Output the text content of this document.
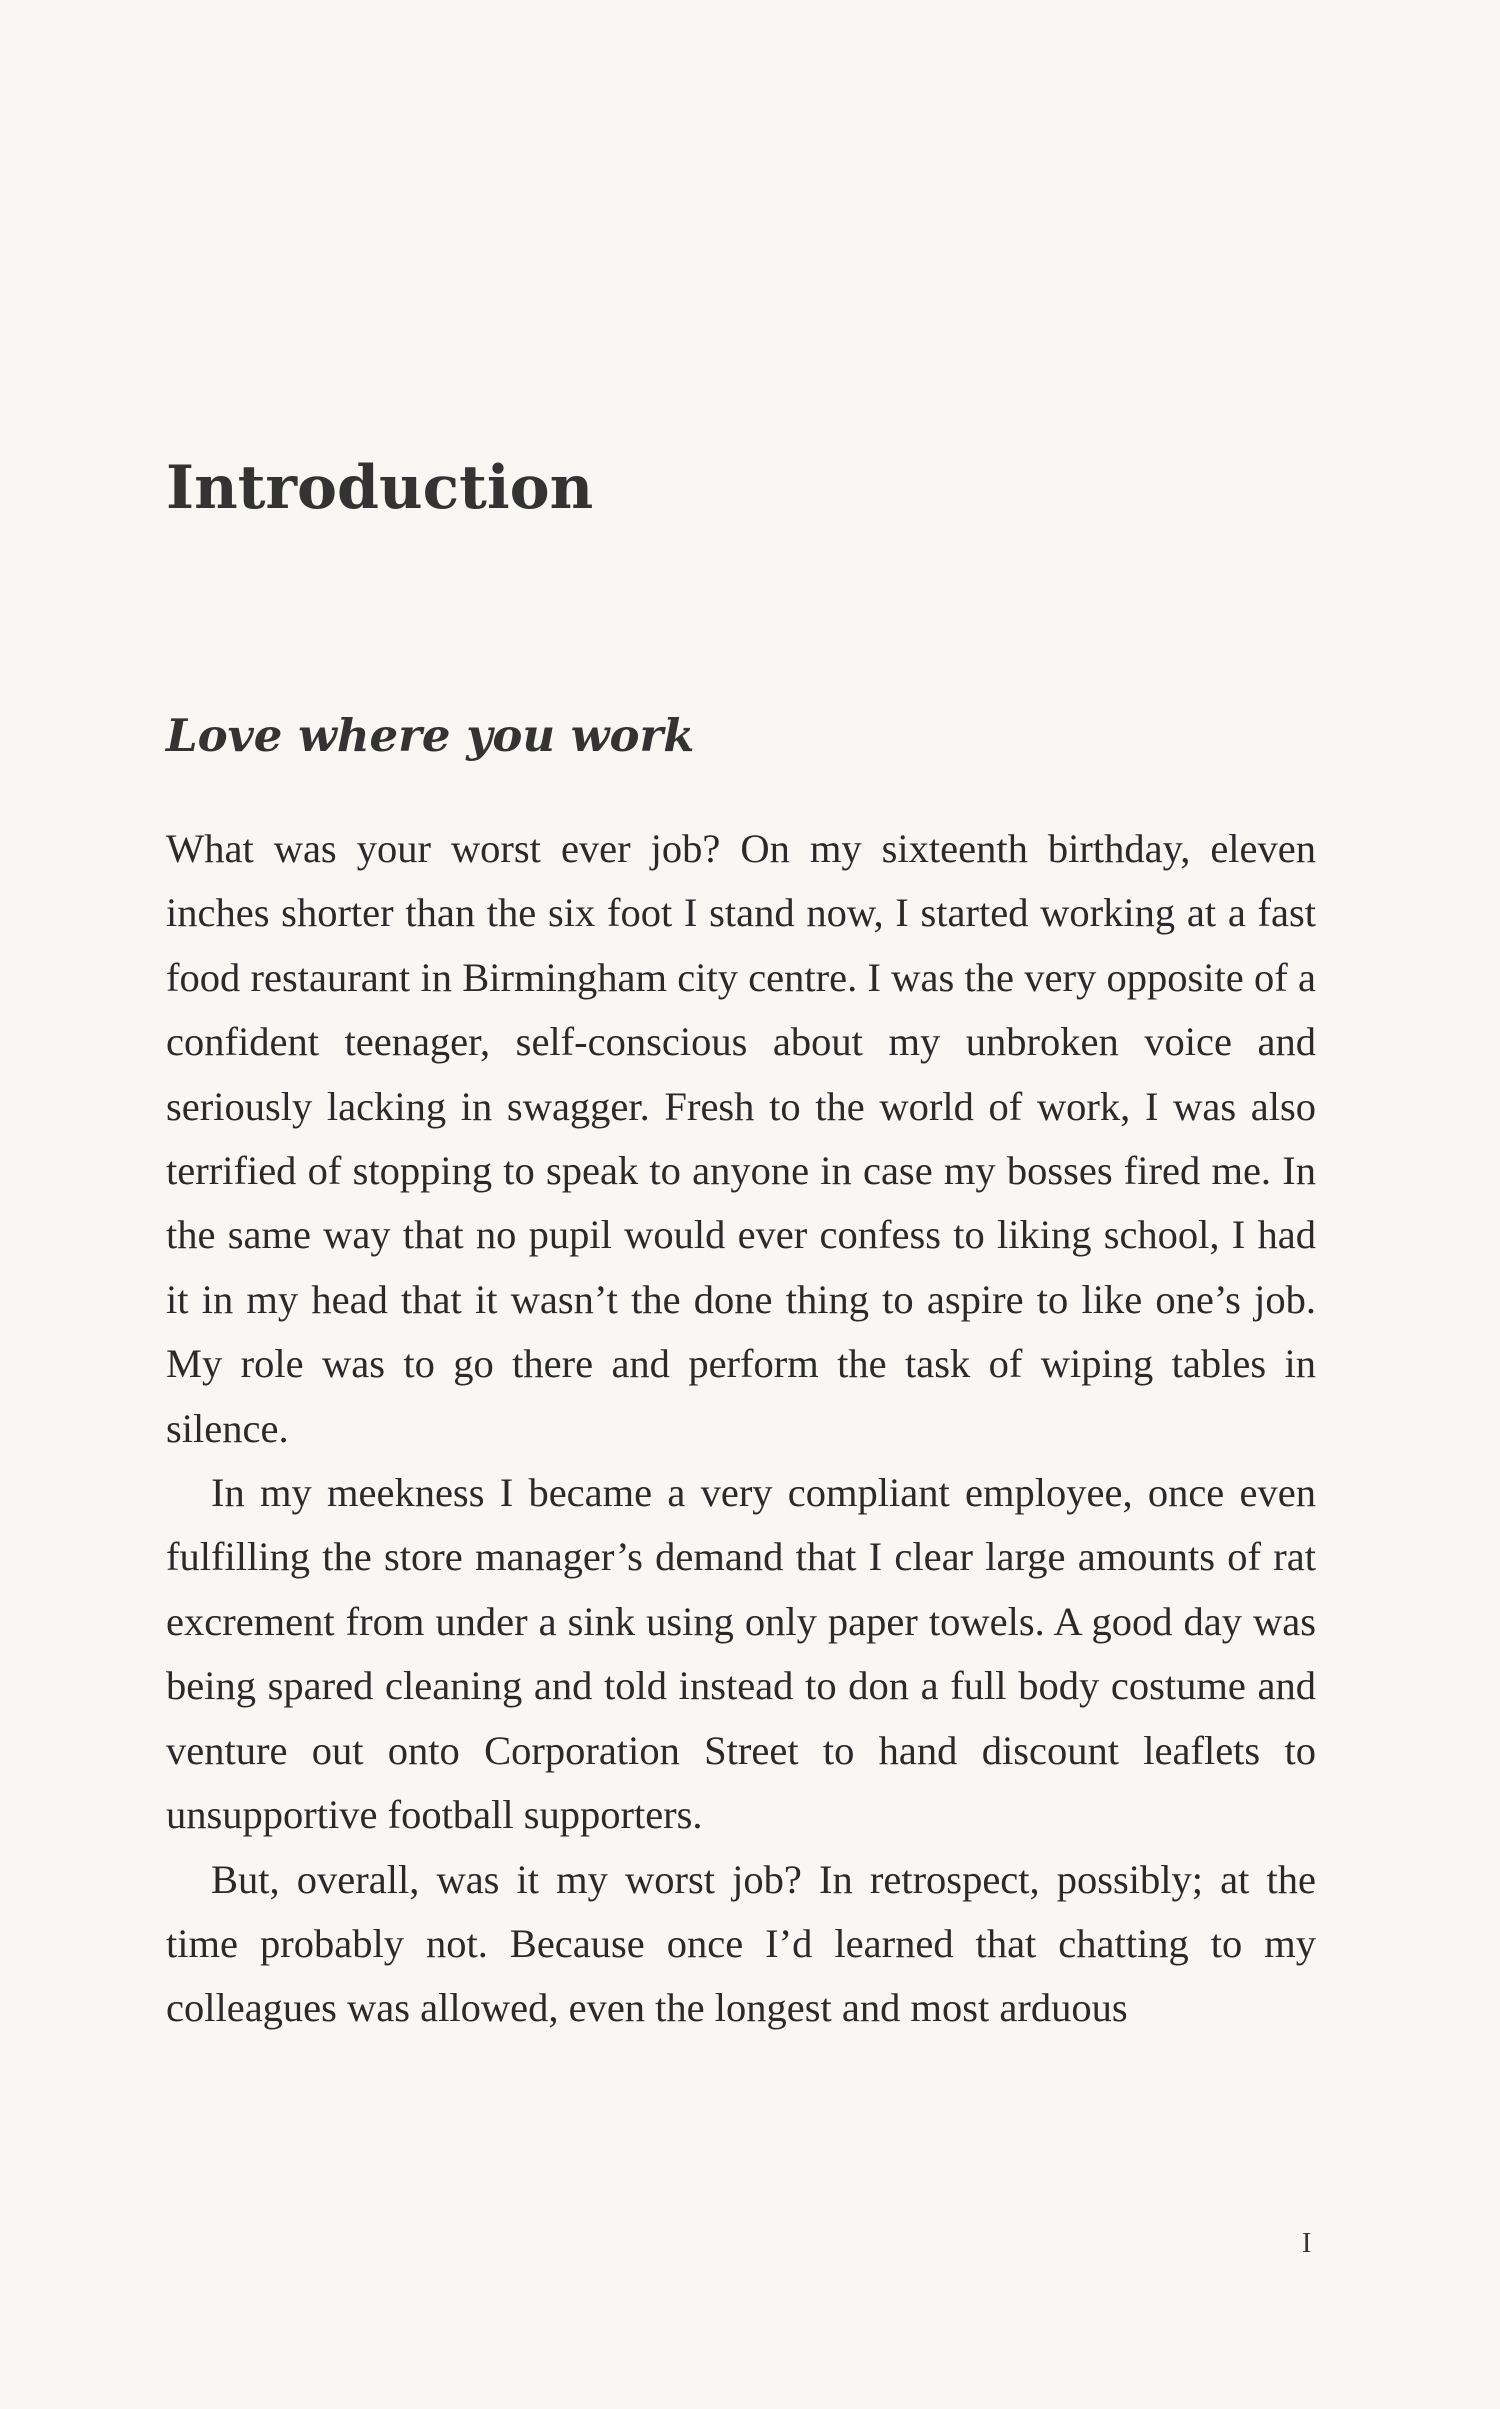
Introduction
Love where you work

What was your worst ever job? On my sixteenth birthday, eleven inches shorter than the six foot I stand now, I started working at a fast food restaurant in Birmingham city centre. I was the very opposite of a confident teenager, self-conscious about my unbroken voice and seriously lacking in swagger. Fresh to the world of work, I was also terrified of stopping to speak to anyone in case my bosses fired me. In the same way that no pupil would ever confess to liking school, I had it in my head that it wasn’t the done thing to aspire to like one’s job. My role was to go there and perform the task of wiping tables in silence.

In my meekness I became a very compliant employee, once even fulfilling the store manager’s demand that I clear large amounts of rat excrement from under a sink using only paper towels. A good day was being spared cleaning and told instead to don a full body costume and venture out onto Corporation Street to hand discount leaflets to unsupportive football supporters.

But, overall, was it my worst job? In retrospect, possibly; at the time probably not. Because once I’d learned that chatting to my colleagues was allowed, even the longest and most arduous

I
